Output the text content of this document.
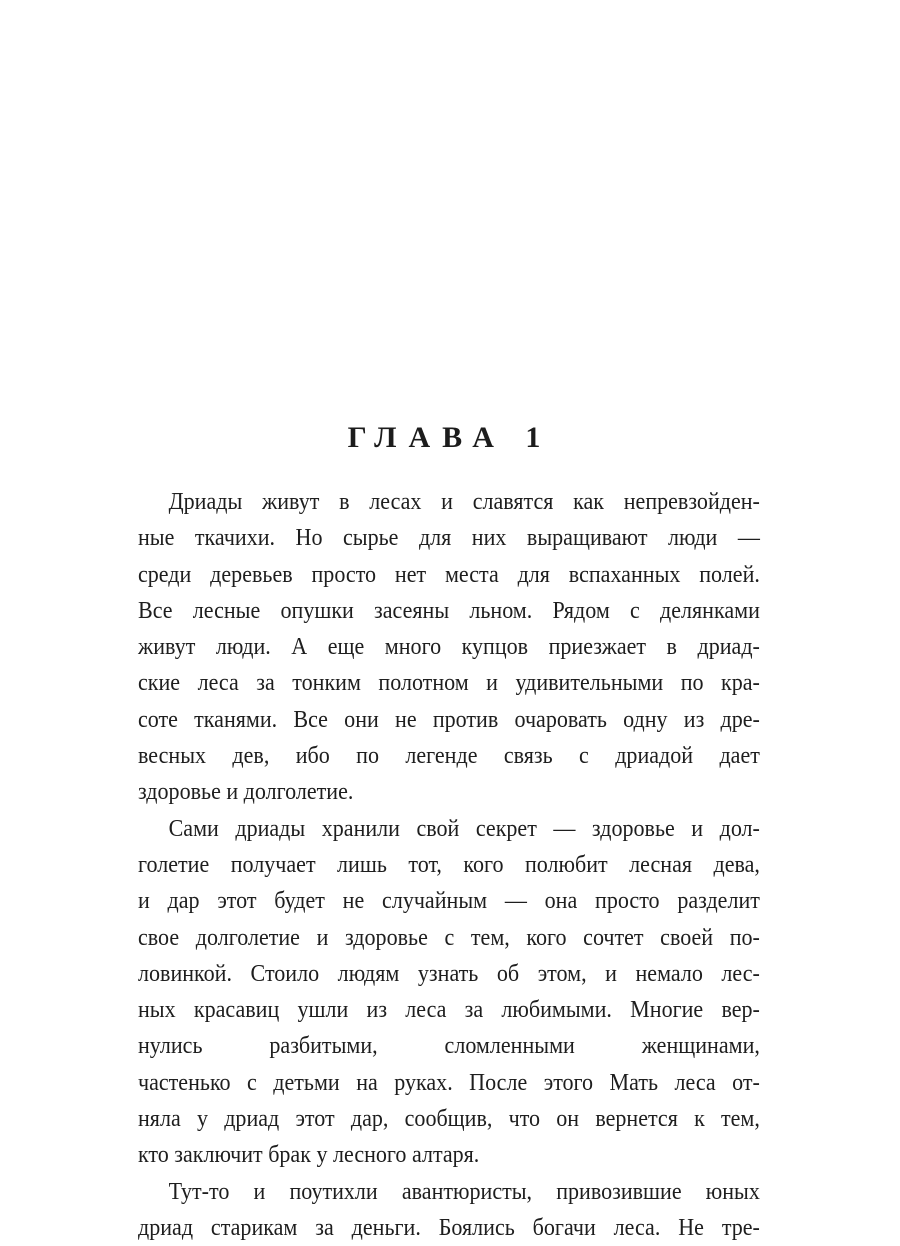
ГЛАВА 1
Дриады живут в лесах и славятся как непревзойден-
ные ткачихи. Но сырье для них выращивают люди —
среди деревьев просто нет места для вспаханных полей.
Все лесные опушки засеяны льном. Рядом с делянками
живут люди. А еще много купцов приезжает в дриад-
ские леса за тонким полотном и удивительными по кра-
соте тканями. Все они не против очаровать одну из дре-
весных дев, ибо по легенде связь с дриадой дает
здоровье и долголетие.
Сами дриады хранили свой секрет — здоровье и дол-
голетие получает лишь тот, кого полюбит лесная дева,
и дар этот будет не случайным — она просто разделит
свое долголетие и здоровье с тем, кого сочтет своей по-
ловинкой. Стоило людям узнать об этом, и немало лес-
ных красавиц ушли из леса за любимыми. Многие вер-
нулись разбитыми, сломленными женщинами,
частенько с детьми на руках. После этого Мать леса от-
няла у дриад этот дар, сообщив, что он вернется к тем,
кто заключит брак у лесного алтаря.
Тут-то и поутихли авантюристы, привозившие юных
дриад старикам за деньги. Боялись богачи леса. Не тре-
